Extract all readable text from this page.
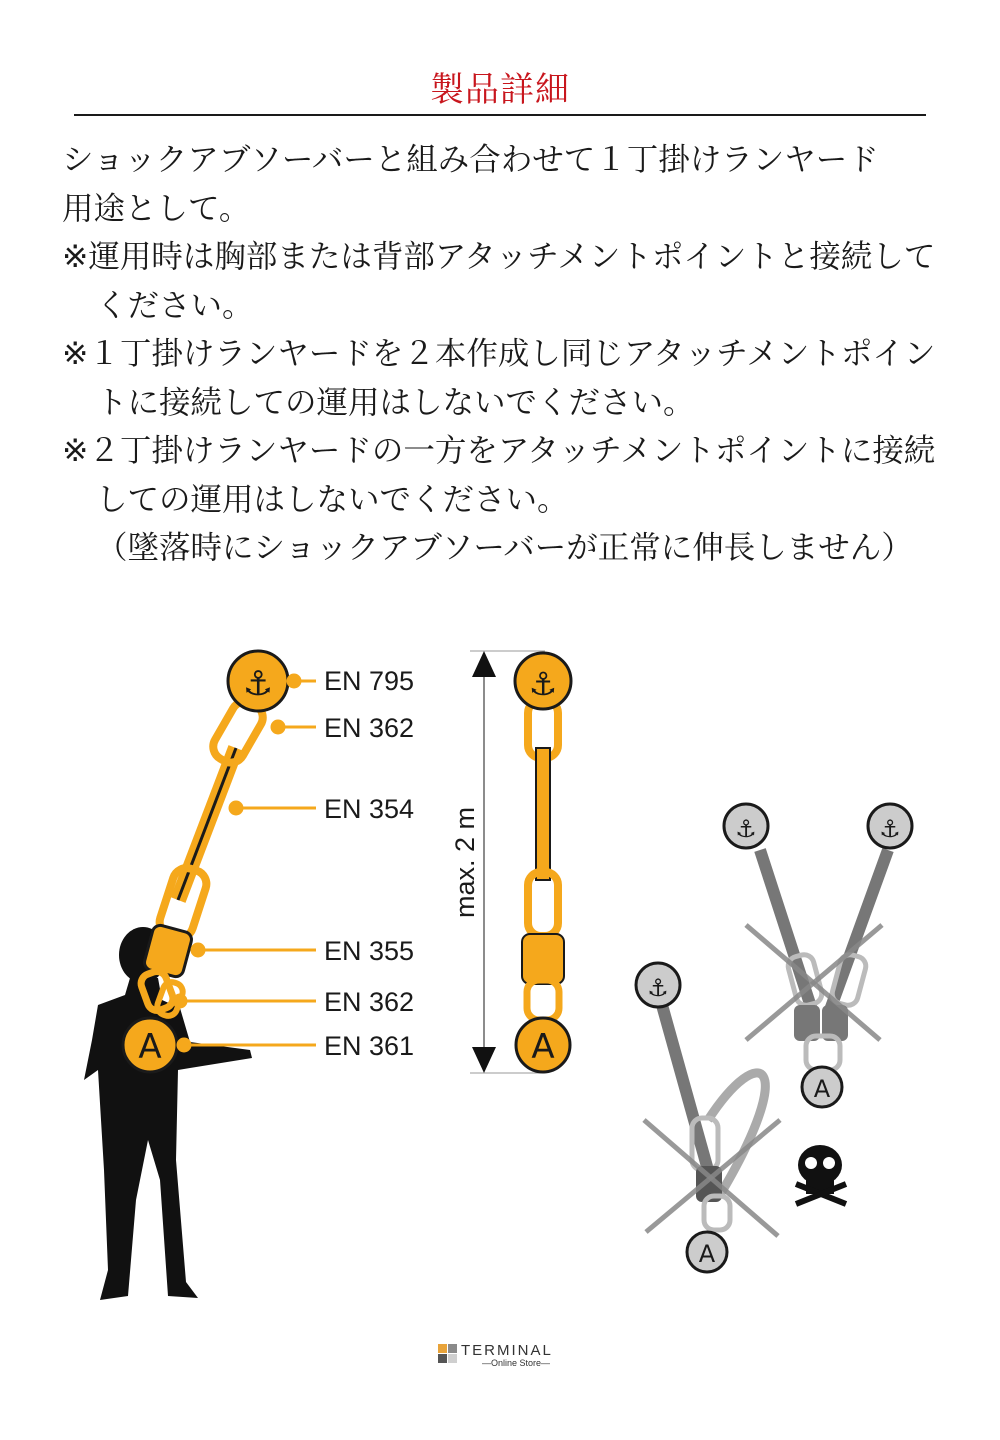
製品詳細

ショックアブソーバーと組み合わせて１丁掛けランヤード

用途として。

※運用時は胸部または背部アタッチメントポイントと接続してください。

※１丁掛けランヤードを２本作成し同じアタッチメントポイントに接続しての運用はしないでください。

※２丁掛けランヤードの一方をアタッチメントポイントに接続しての運用はしないでください。

（墜落時にショックアブソーバーが正常に伸長しません）

⚓
A
EN 795
EN 362
EN 354
EN 355
EN 362
EN 361
max. 2 m
⚓
A
⚓	⚓
A
⚓
A
TERMINAL
—Online Store—
